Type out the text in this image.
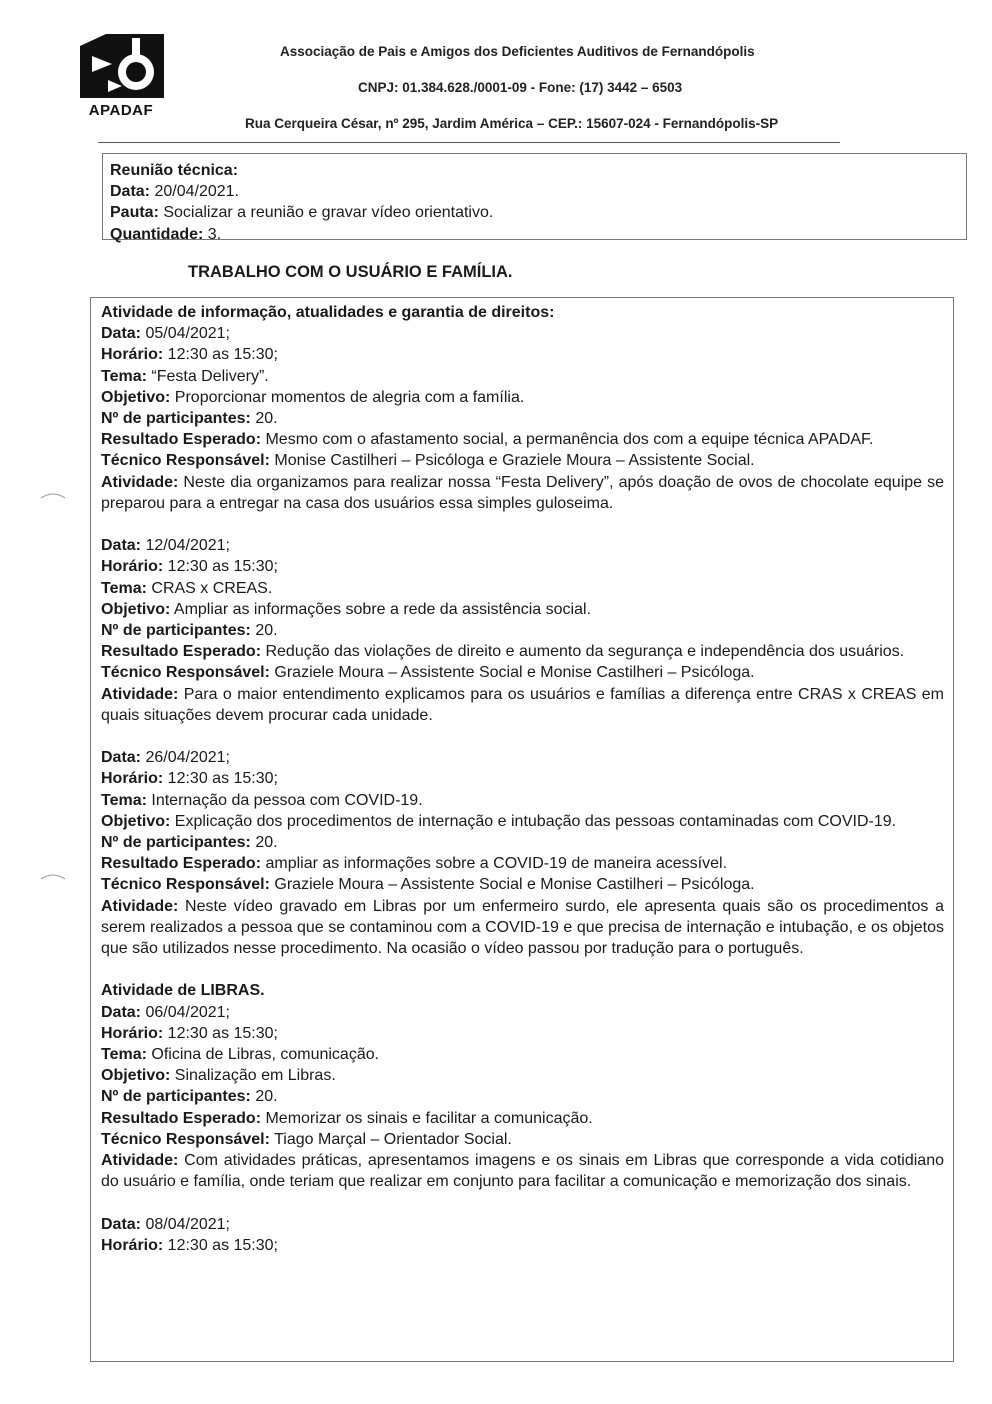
APADAF
Associação de Pais e Amigos dos Deficientes Auditivos de Fernandópolis
CNPJ: 01.384.628./0001-09 - Fone: (17) 3442 – 6503
Rua Cerqueira César, nº 295, Jardim América – CEP.: 15607-024 - Fernandópolis-SP
Reunião técnica:
Data: 20/04/2021.
Pauta: Socializar a reunião e gravar vídeo orientativo.
Quantidade: 3.
TRABALHO COM O USUÁRIO E FAMÍLIA.
Atividade de informação, atualidades e garantia de direitos:
Data: 05/04/2021;
Horário: 12:30 as 15:30;
Tema: “Festa Delivery”.
Objetivo: Proporcionar momentos de alegria com a família.
Nº de participantes: 20.
Resultado Esperado: Mesmo com o afastamento social, a permanência dos com a equipe técnica APADAF.
Técnico Responsável: Monise Castilheri – Psicóloga e Graziele Moura – Assistente Social.
Atividade: Neste dia organizamos para realizar nossa “Festa Delivery”, após doação de ovos de chocolate equipe se preparou para a entregar na casa dos usuários essa simples guloseima.
Data: 12/04/2021;
Horário: 12:30 as 15:30;
Tema: CRAS x CREAS.
Objetivo: Ampliar as informações sobre a rede da assistência social.
Nº de participantes: 20.
Resultado Esperado: Redução das violações de direito e aumento da segurança e independência dos usuários.
Técnico Responsável: Graziele Moura – Assistente Social e Monise Castilheri – Psicóloga.
Atividade: Para o maior entendimento explicamos para os usuários e famílias a diferença entre CRAS x CREAS em quais situações devem procurar cada unidade.
Data: 26/04/2021;
Horário: 12:30 as 15:30;
Tema: Internação da pessoa com COVID-19.
Objetivo: Explicação dos procedimentos de internação e intubação das pessoas contaminadas com COVID-19.
Nº de participantes: 20.
Resultado Esperado: ampliar as informações sobre a COVID-19 de maneira acessível.
Técnico Responsável: Graziele Moura – Assistente Social e Monise Castilheri – Psicóloga.
Atividade: Neste vídeo gravado em Libras por um enfermeiro surdo, ele apresenta quais são os procedimentos a serem realizados a pessoa que se contaminou com a COVID-19 e que precisa de internação e intubação, e os objetos que são utilizados nesse procedimento. Na ocasião o vídeo passou por tradução para o português.
Atividade de LIBRAS.
Data: 06/04/2021;
Horário: 12:30 as 15:30;
Tema: Oficina de Libras, comunicação.
Objetivo: Sinalização em Libras.
Nº de participantes: 20.
Resultado Esperado: Memorizar os sinais e facilitar a comunicação.
Técnico Responsável: Tiago Marçal – Orientador Social.
Atividade: Com atividades práticas, apresentamos imagens e os sinais em Libras que corresponde a vida cotidiano do usuário e família, onde teriam que realizar em conjunto para facilitar a comunicação e memorização dos sinais.
Data: 08/04/2021;
Horário: 12:30 as 15:30;
